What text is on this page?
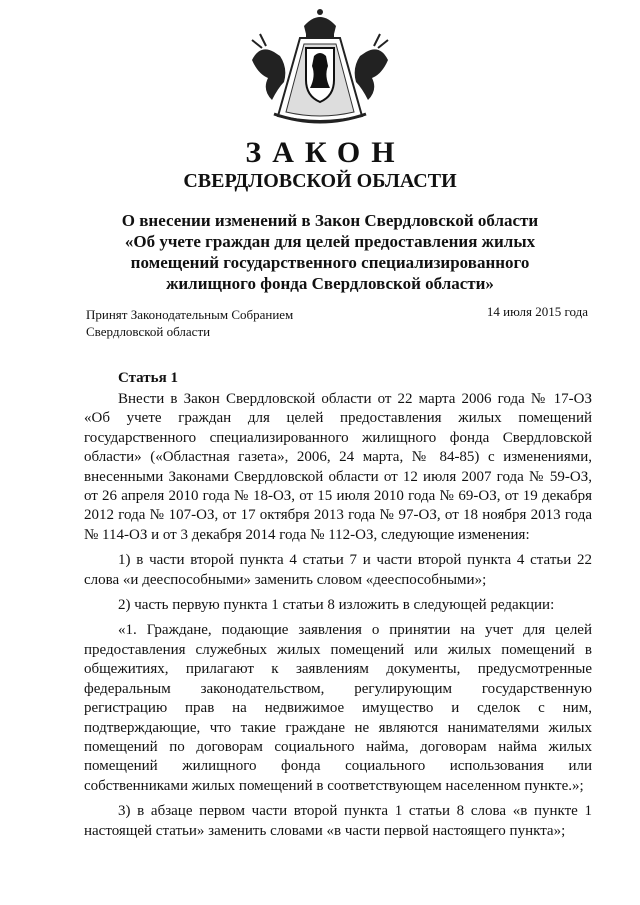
ЗАКОН
СВЕРДЛОВСКОЙ ОБЛАСТИ
О внесении изменений в Закон Свердловской области
«Об учете граждан для целей предоставления жилых
помещений государственного специализированного
жилищного фонда Свердловской области»
Принят Законодательным Собранием
Свердловской области
14 июля 2015 года
Статья 1

Внести в Закон Свердловской области от 22 марта 2006 года № 17-ОЗ «Об учете граждан для целей предоставления жилых помещений государственного специализированного жилищного фонда Свердловской области» («Областная газета», 2006, 24 марта, № 84-85) с изменениями, внесенными Законами Свердловской области от 12 июля 2007 года № 59-ОЗ, от 26 апреля 2010 года № 18-ОЗ, от 15 июля 2010 года № 69-ОЗ, от 19 декабря 2012 года № 107-ОЗ, от 17 октября 2013 года № 97-ОЗ, от 18 ноября 2013 года № 114-ОЗ и от 3 декабря 2014 года № 112-ОЗ, следующие изменения:

1) в части второй пункта 4 статьи 7 и части второй пункта 4 статьи 22 слова «и дееспособными» заменить словом «дееспособными»;

2) часть первую пункта 1 статьи 8 изложить в следующей редакции:

«1. Граждане, подающие заявления о принятии на учет для целей предоставления служебных жилых помещений или жилых помещений в общежитиях, прилагают к заявлениям документы, предусмотренные федеральным законодательством, регулирующим государственную регистрацию прав на недвижимое имущество и сделок с ним, подтверждающие, что такие граждане не являются нанимателями жилых помещений по договорам социального найма, договорам найма жилых помещений жилищного фонда социального использования или собственниками жилых помещений в соответствующем населенном пункте.»;

3) в абзаце первом части второй пункта 1 статьи 8 слова «в пункте 1 настоящей статьи» заменить словами «в части первой настоящего пункта»;
